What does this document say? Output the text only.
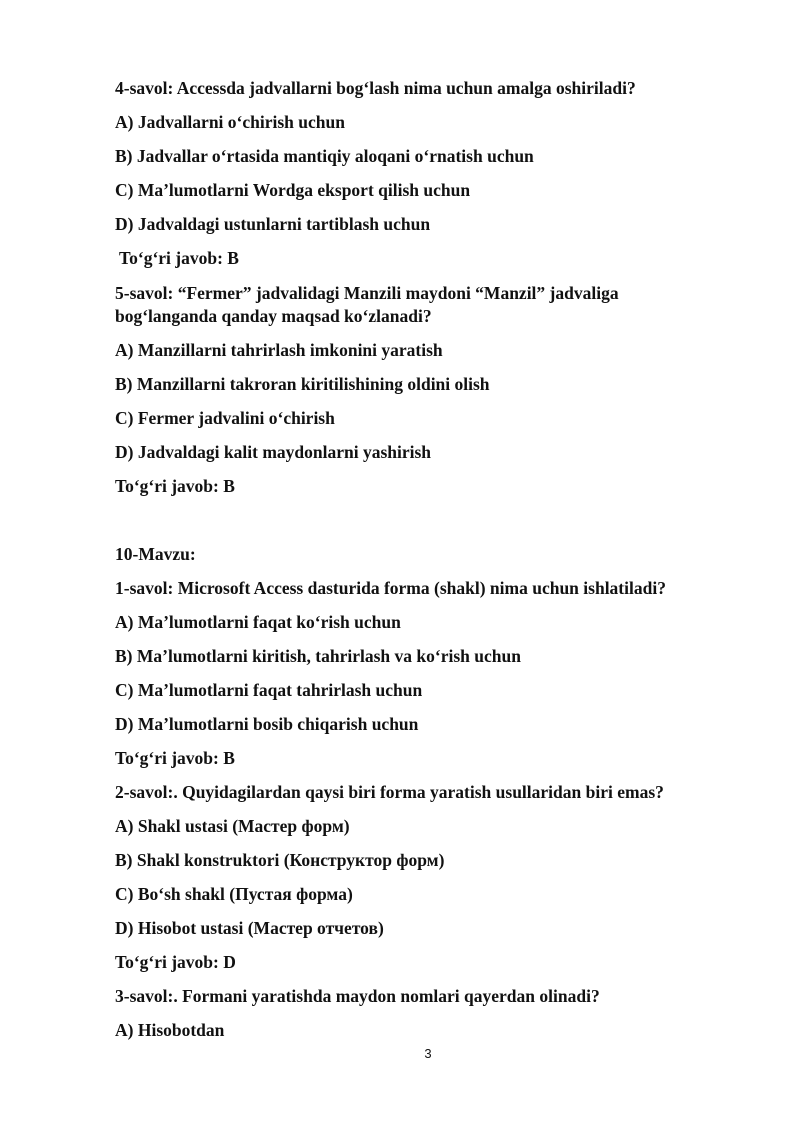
4-savol: Accessda jadvallarni bog‘lash nima uchun amalga oshiriladi?
A) Jadvallarni o‘chirish uchun
B) Jadvallar o‘rtasida mantiqiy aloqani o‘rnatish uchun
C) Ma’lumotlarni Wordga eksport qilish uchun
D) Jadvaldagi ustunlarni tartiblash uchun
To‘g‘ri javob: B
5-savol: “Fermer” jadvalidagi Manzili maydoni “Manzil” jadvaliga
bog‘langanda qanday maqsad ko‘zlanadi?
A) Manzillarni tahrirlash imkonini yaratish
B) Manzillarni takroran kiritilishining oldini olish
C) Fermer jadvalini o‘chirish
D) Jadvaldagi kalit maydonlarni yashirish
To‘g‘ri javob: B
10-Mavzu:
1-savol: Microsoft Access dasturida forma (shakl) nima uchun ishlatiladi?
A) Ma’lumotlarni faqat ko‘rish uchun
B) Ma’lumotlarni kiritish, tahrirlash va ko‘rish uchun
C) Ma’lumotlarni faqat tahrirlash uchun
D) Ma’lumotlarni bosib chiqarish uchun
To‘g‘ri javob: B
2-savol:. Quyidagilardan qaysi biri forma yaratish usullaridan biri emas?
A) Shakl ustasi (Мастер форм)
B) Shakl konstruktori (Конструктор форм)
C) Bo‘sh shakl (Пустая форма)
D) Hisobot ustasi (Мастер отчетов)
To‘g‘ri javob: D
3-savol:. Formani yaratishda maydon nomlari qayerdan olinadi?
A) Hisobotdan
3
